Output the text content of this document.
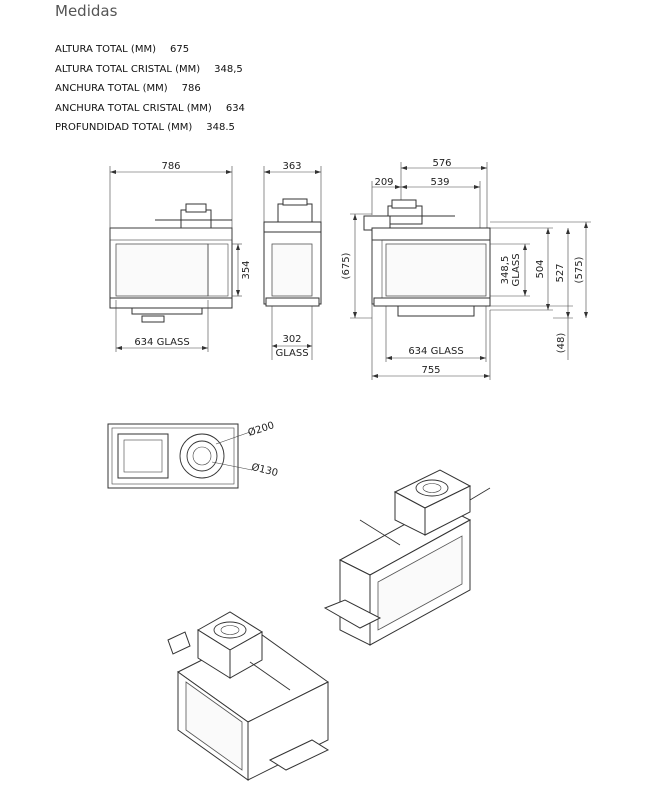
Medidas
ALTURA TOTAL (MM) 675
ALTURA TOTAL CRISTAL (MM) 348,5
ANCHURA TOTAL (MM) 786
ANCHURA TOTAL CRISTAL (MM) 634
PROFUNDIDAD TOTAL (MM) 348.5
786
354
634 GLASS
363
302
GLASS
576
209	539
(675)	348,5 GLASS 504 527 (575)
(48)
634 GLASS
755
Ø200
Ø130
